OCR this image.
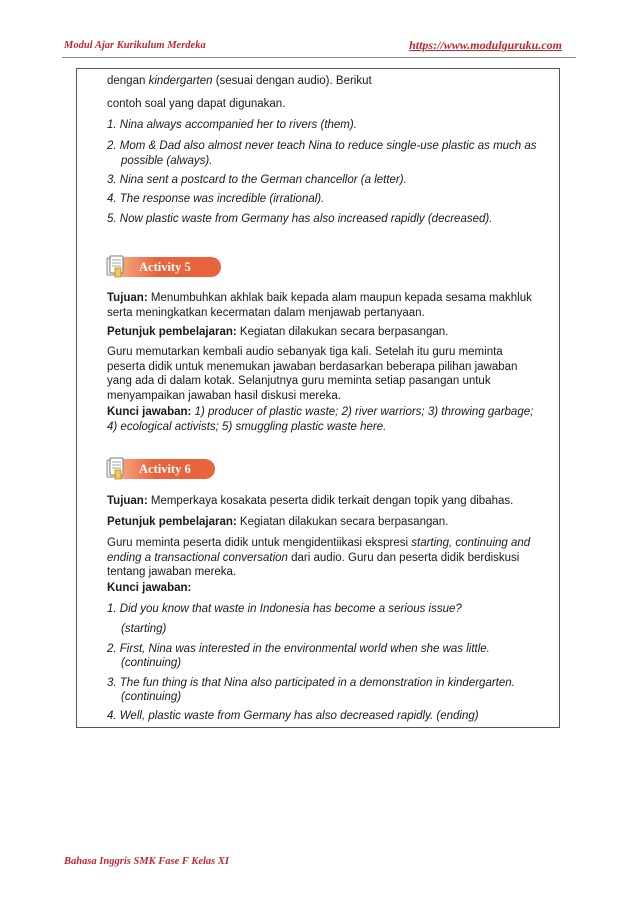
Modul Ajar Kurikulum Merdeka	https://www.modulguruku.com
dengan kindergarten (sesuai dengan audio). Berikut
contoh soal yang dapat digunakan.
1. Nina always accompanied her to rivers (them).
2. Mom & Dad also almost never teach Nina to reduce single-use plastic as much as possible (always).
3. Nina sent a postcard to the German chancellor (a letter).
4. The response was incredible (irrational).
5. Now plastic waste from Germany has also increased rapidly (decreased).
Activity 5
Tujuan: Menumbuhkan akhlak baik kepada alam maupun kepada sesama makhluk serta meningkatkan kecermatan dalam menjawab pertanyaan.
Petunjuk pembelajaran: Kegiatan dilakukan secara berpasangan.
Guru memutarkan kembali audio sebanyak tiga kali. Setelah itu guru meminta peserta didik untuk menemukan jawaban berdasarkan beberapa pilihan jawaban yang ada di dalam kotak. Selanjutnya guru meminta setiap pasangan untuk menyampaikan jawaban hasil diskusi mereka.
Kunci jawaban: 1) producer of plastic waste; 2) river warriors; 3) throwing garbage; 4) ecological activists; 5) smuggling plastic waste here.
Activity 6
Tujuan: Memperkaya kosakata peserta didik terkait dengan topik yang dibahas.
Petunjuk pembelajaran: Kegiatan dilakukan secara berpasangan.
Guru meminta peserta didik untuk mengidentiikasi ekspresi starting, continuing and ending a transactional conversation dari audio. Guru dan peserta didik berdiskusi tentang jawaban mereka.
Kunci jawaban:
1. Did you know that waste in Indonesia has become a serious issue?
(starting)
2. First, Nina was interested in the environmental world when she was little.
(continuing)
3. The fun thing is that Nina also participated in a demonstration in kindergarten.
(continuing)
4. Well, plastic waste from Germany has also decreased rapidly. (ending)
Bahasa Inggris SMK Fase F Kelas XI
